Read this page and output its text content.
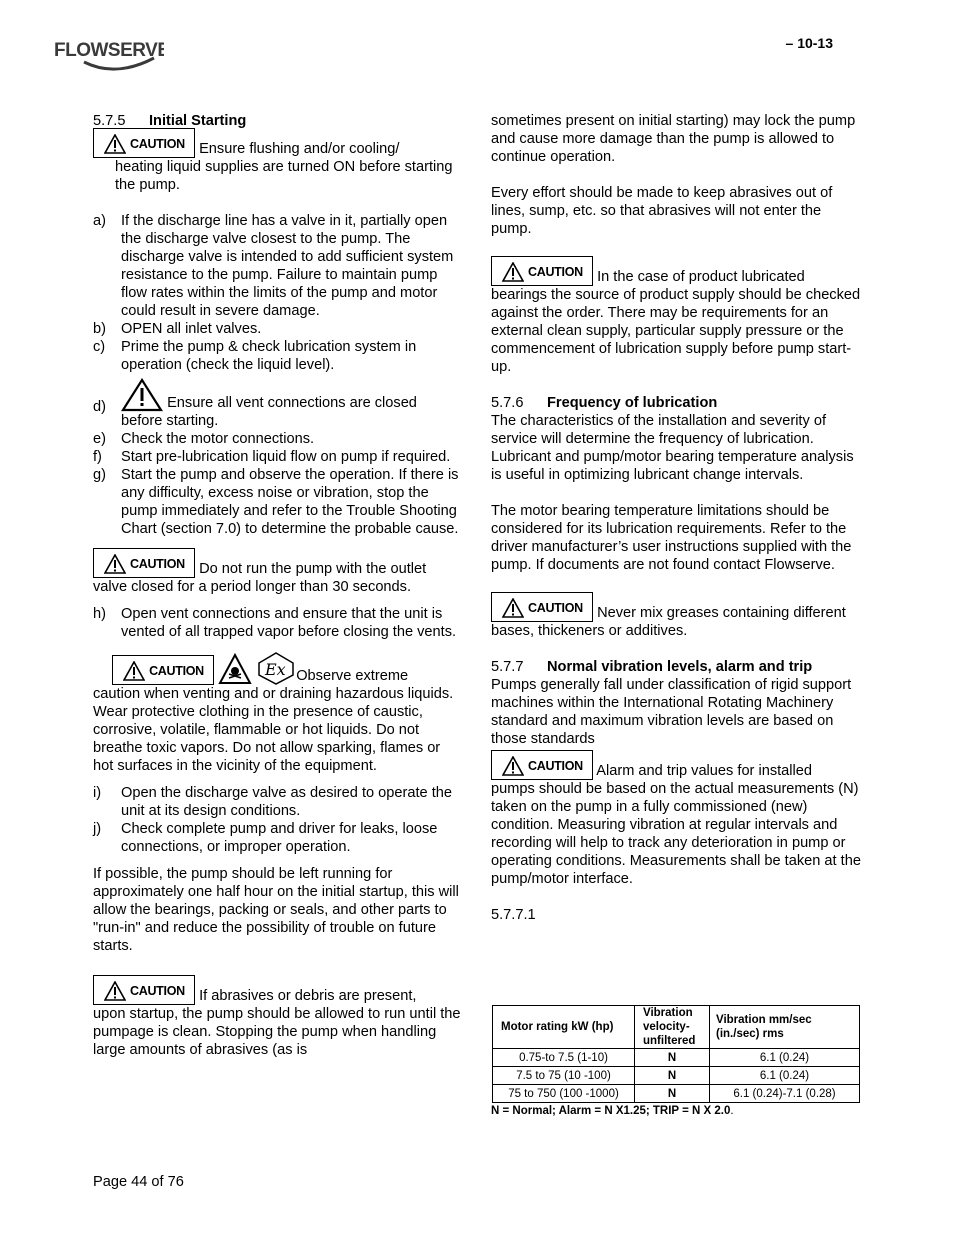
FLOWSERVE	– 10-13

5.7.5 Initial Starting

CAUTION Ensure flushing and/or cooling/

heating liquid supplies are turned ON before starting the pump.

a)	If the discharge line has a valve in it, partially open the discharge valve closest to the pump. The discharge valve is intended to add sufficient system resistance to the pump. Failure to maintain pump flow rates within the limits of the pump and motor could result in severe damage.
b)	OPEN all inlet valves.
c)	Prime the pump & check lubrication system in operation (check the liquid level).
d)	Ensure all vent connections are closed
before starting.
e)	Check the motor connections.
f)	Start pre-lubrication liquid flow on pump if required.
g)	Start the pump and observe the operation. If there is any difficulty, excess noise or vibration, stop the pump immediately and refer to the Trouble Shooting Chart (section 7.0) to determine the probable cause.
CAUTION Do not run the pump with the outlet

valve closed for a period longer than 30 seconds.

h)	Open vent connections and ensure that the unit is vented of all trapped vapor before closing the vents.

CAUTION
	Ex Observe extreme

caution when venting and or draining hazardous liquids. Wear protective clothing in the presence of caustic, corrosive, volatile, flammable or hot liquids. Do not breathe toxic vapors. Do not allow sparking, flames or hot surfaces in the vicinity of the equipment.

i)	Open the discharge valve as desired to operate the unit at its design conditions.
j)	Check complete pump and driver for leaks, loose connections, or improper operation.

If possible, the pump should be left running for approximately one half hour on the initial startup, this will allow the bearings, packing or seals, and other parts to "run-in" and reduce the possibility of trouble on future starts.

CAUTION If abrasives or debris are present,

upon startup, the pump should be allowed to run until the pumpage is clean. Stopping the pump when handling large amounts of abrasives (as is

sometimes present on initial starting) may lock the pump and cause more damage than the pump is allowed to continue operation.

Every effort should be made to keep abrasives out of lines, sump, etc. so that abrasives will not enter the pump.

CAUTION In the case of product lubricated

bearings the source of product supply should be checked against the order. There may be requirements for an external clean supply, particular supply pressure or the commencement of lubrication supply before pump start-up.

5.7.6 Frequency of lubrication

The characteristics of the installation and severity of service will determine the frequency of lubrication. Lubricant and pump/motor bearing temperature analysis is useful in optimizing lubricant change intervals.

The motor bearing temperature limitations should be considered for its lubrication requirements. Refer to the driver manufacturer’s user instructions supplied with the pump. If documents are not found contact Flowserve.

CAUTION Never mix greases containing different

bases, thickeners or additives.

5.7.7 Normal vibration levels, alarm and trip

Pumps generally fall under classification of rigid support machines within the International Rotating Machinery standard and maximum vibration levels are based on those standards

CAUTION Alarm and trip values for installed

pumps should be based on the actual measurements (N) taken on the pump in a fully commissioned (new) condition. Measuring vibration at regular intervals and recording will help to track any deterioration in pump or operating conditions. Measurements shall be taken at the pump/motor interface.

5.7.7.1

Motor rating kW (hp)	Vibration velocity-unfiltered	Vibration mm/sec (in./sec) rms
0.75-to 7.5 (1-10)	N	6.1 (0.24)
7.5 to 75 (10 -100)	N	6.1 (0.24)
75 to 750 (100 -1000)	N	6.1 (0.24)-7.1 (0.28)
N = Normal; Alarm = N X1.25; TRIP = N X 2.0.
Page 44 of 76
